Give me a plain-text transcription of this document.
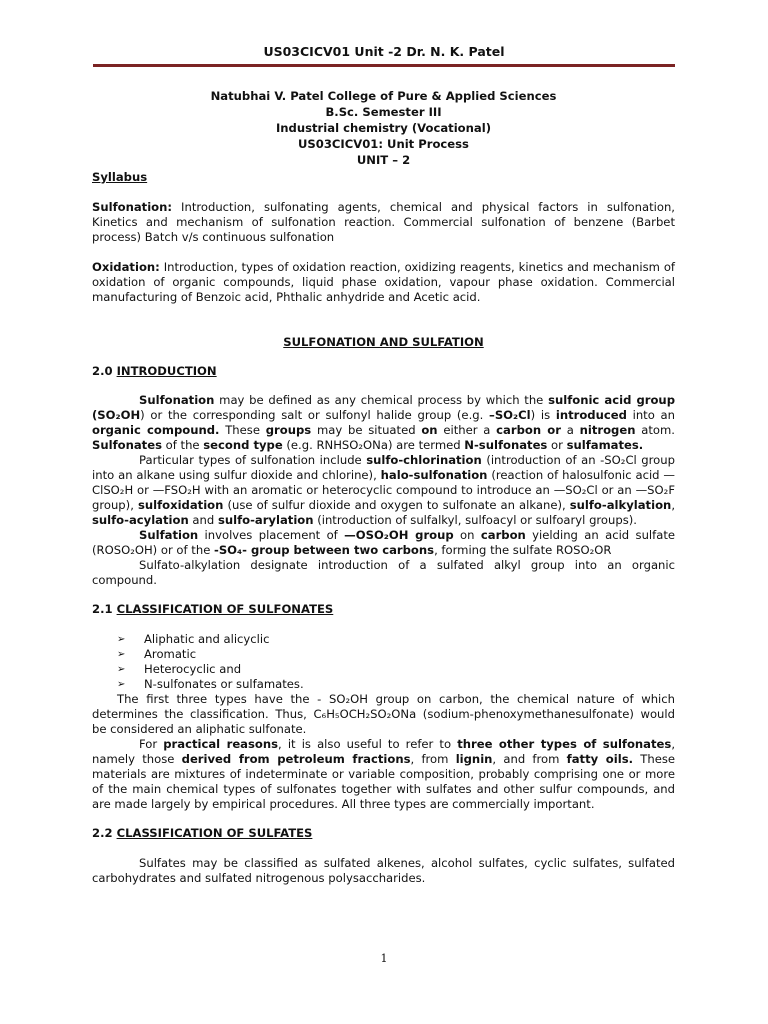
US03CICV01 Unit -2 Dr. N. K. Patel
Natubhai V. Patel College of Pure & Applied Sciences
B.Sc. Semester III
Industrial chemistry (Vocational)
US03CICV01: Unit Process
UNIT – 2

Syllabus

Sulfonation: Introduction, sulfonating agents, chemical and physical factors in sulfonation, Kinetics and mechanism of sulfonation reaction. Commercial sulfonation of benzene (Barbet process) Batch v/s continuous sulfonation

Oxidation: Introduction, types of oxidation reaction, oxidizing reagents, kinetics and mechanism of oxidation of organic compounds, liquid phase oxidation, vapour phase oxidation. Commercial manufacturing of Benzoic acid, Phthalic anhydride and Acetic acid.

SULFONATION AND SULFATION

2.0 INTRODUCTION

Sulfonation may be defined as any chemical process by which the sulfonic acid group (SO₂OH) or the corresponding salt or sulfonyl halide group (e.g. –SO₂Cl) is introduced into an organic compound. These groups may be situated on either a carbon or a nitrogen atom. Sulfonates of the second type (e.g. RNHSO₂ONa) are termed N-sulfonates or sulfamates.

Particular types of sulfonation include sulfo-chlorination (introduction of an -SO₂Cl group into an alkane using sulfur dioxide and chlorine), halo-sulfonation (reaction of halosulfonic acid —ClSO₂H or —FSO₂H with an aromatic or heterocyclic compound to introduce an —SO₂Cl or an —SO₂F group), sulfoxidation (use of sulfur dioxide and oxygen to sulfonate an alkane), sulfo-alkylation, sulfo-acylation and sulfo-arylation (introduction of sulfalkyl, sulfoacyl or sulfoaryl groups).

Sulfation involves placement of —OSO₂OH group on carbon yielding an acid sulfate (ROSO₂OH) or of the -SO₄- group between two carbons, forming the sulfate ROSO₂OR

Sulfato-alkylation designate introduction of a sulfated alkyl group into an organic compound.

2.1 CLASSIFICATION OF SULFONATES

➢ Aliphatic and alicyclic
➢ Aromatic
➢ Heterocyclic and
➢ N-sulfonates or sulfamates.

The first three types have the - SO₂OH group on carbon, the chemical nature of which determines the classification. Thus, C₆H₅OCH₂SO₂ONa (sodium-phenoxymethanesulfonate) would be considered an aliphatic sulfonate.

For practical reasons, it is also useful to refer to three other types of sulfonates, namely those derived from petroleum fractions, from lignin, and from fatty oils. These materials are mixtures of indeterminate or variable composition, probably comprising one or more of the main chemical types of sulfonates together with sulfates and other sulfur compounds, and are made largely by empirical procedures. All three types are commercially important.

2.2 CLASSIFICATION OF SULFATES

Sulfates may be classified as sulfated alkenes, alcohol sulfates, cyclic sulfates, sulfated carbohydrates and sulfated nitrogenous polysaccharides.

1
